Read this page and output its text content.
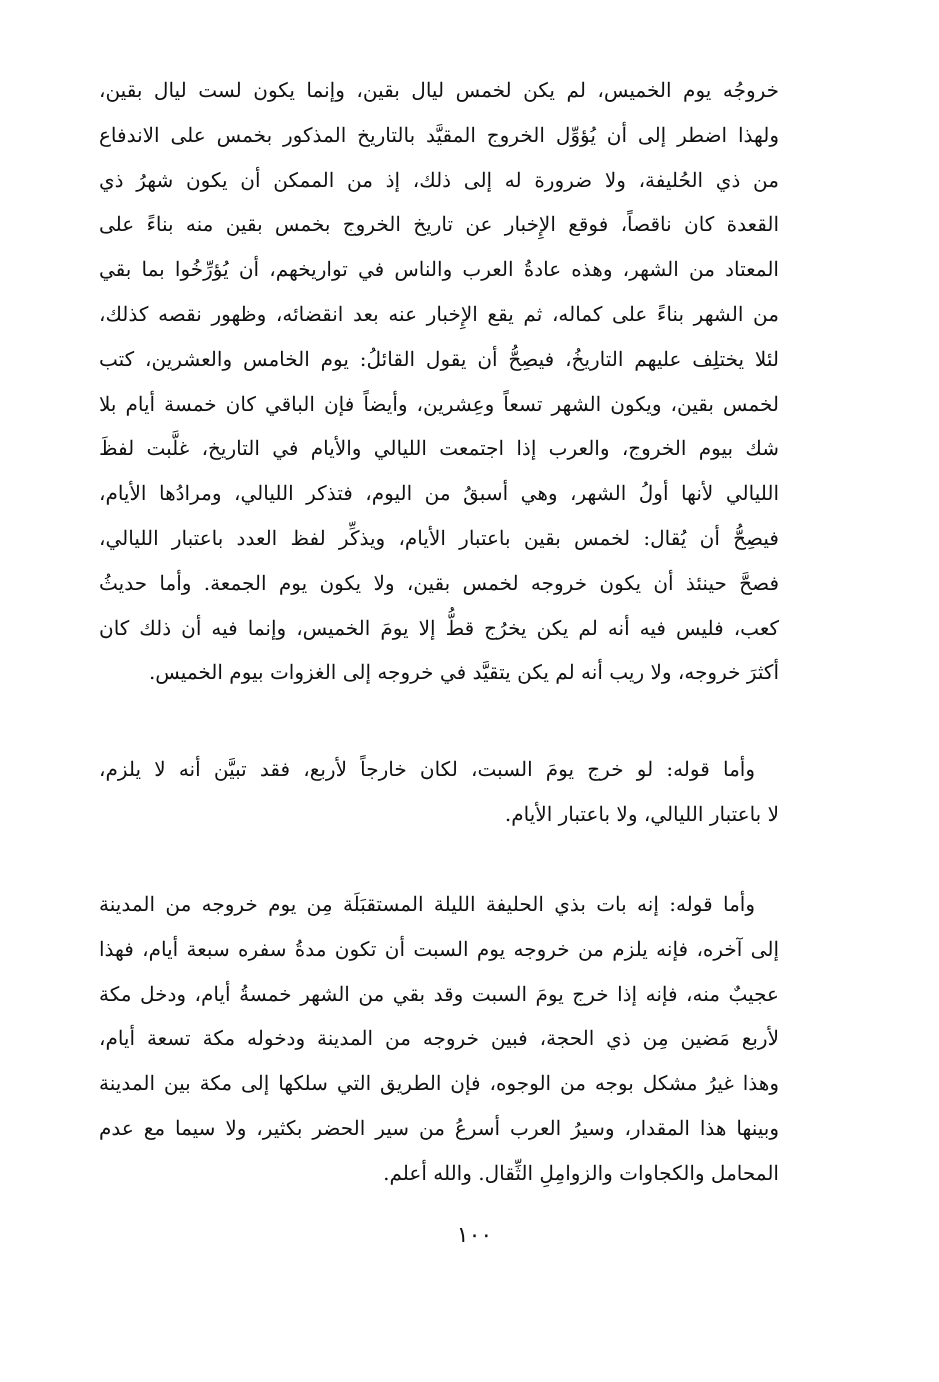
خروجُه يوم الخميس، لم يكن لخمس ليال بقين، وإنما يكون لست ليال بقين،
ولهذا اضطر إلى أن يُؤوِّل الخروج المقيَّد بالتاريخ المذكور بخمس على الاندفاع
من ذي الحُليفة، ولا ضرورة له إلى ذلك، إذ من الممكن أن يكون شهرُ ذي
القعدة كان ناقصاً، فوقع الإِخبار عن تاريخ الخروج بخمس بقين منه بناءً على
المعتاد من الشهر، وهذه عادةُ العرب والناس في تواريخهم، أن يُؤرِّخُوا بما بقي
من الشهر بناءً على كماله، ثم يقع الإِخبار عنه بعد انقضائه، وظهور نقصه كذلك،
لئلا يختلِف عليهم التاريخُ، فيصِحُّ أن يقول القائلُ: يوم الخامس والعشرين، كتب
لخمس بقين، ويكون الشهر تسعاً وعِشرين، وأيضاً فإن الباقي كان خمسة أيام بلا
شك بيوم الخروج، والعرب إذا اجتمعت الليالي والأيام في التاريخ، غلَّبت لفظَ
الليالي لأنها أولُ الشهر، وهي أسبقُ من اليوم، فتذكر الليالي، ومرادُها الأيام،
فيصِحُّ أن يُقال: لخمس بقين باعتبار الأيام، ويذكِّر لفظ العدد باعتبار الليالي،
فصحَّ حينئذ أن يكون خروجه لخمس بقين، ولا يكون يوم الجمعة. وأما حديثُ
كعب، فليس فيه أنه لم يكن يخرُج قطُّ إلا يومَ الخميس، وإنما فيه أن ذلك كان
أكثرَ خروجه، ولا ريب أنه لم يكن يتقيَّد في خروجه إلى الغزوات بيوم الخميس.
وأما قوله: لو خرج يومَ السبت، لكان خارجاً لأربع، فقد تبيَّن أنه لا يلزم،
لا باعتبار الليالي، ولا باعتبار الأيام.
وأما قوله: إنه بات بذي الحليفة الليلة المستقبَلَة مِن يوم خروجه من المدينة
إلى آخره، فإنه يلزم من خروجه يوم السبت أن تكون مدةُ سفره سبعة أيام، فهذا
عجيبٌ منه، فإنه إذا خرج يومَ السبت وقد بقي من الشهر خمسةُ أيام، ودخل مكة
لأربع مَضين مِن ذي الحجة، فبين خروجه من المدينة ودخوله مكة تسعة أيام،
وهذا غيرُ مشكل بوجه من الوجوه، فإن الطريق التي سلكها إلى مكة بين المدينة
وبينها هذا المقدار، وسيرُ العرب أسرعُ من سير الحضر بكثير، ولا سيما مع عدم
المحامل والكجاوات والزوامِلِ الثِّقال. والله أعلم.
١٠٠
